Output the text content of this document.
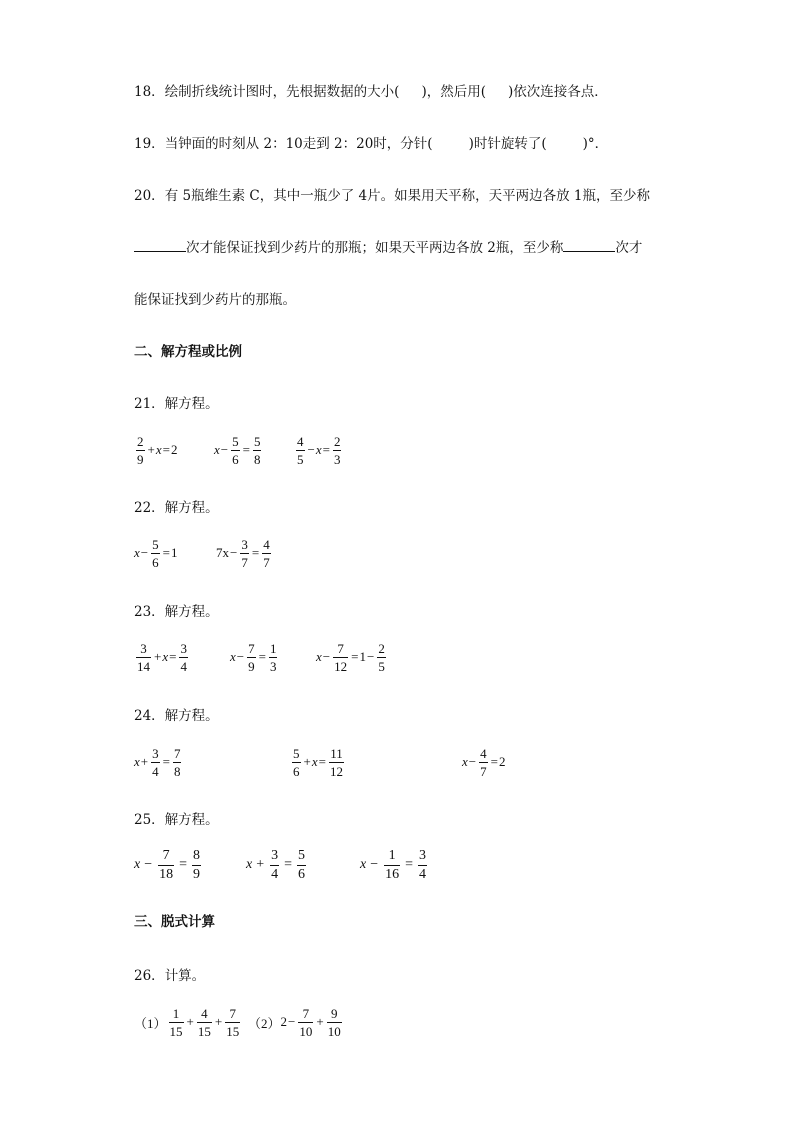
18．绘制折线统计图时，先根据数据的大小( )，然后用( )依次连接各点．
19．当钟面的时刻从 2：10走到 2：20时，分针(	)时针旋转了(	)°．
20．有 5瓶维生素 C，其中一瓶少了 4片。如果用天平称，天平两边各放 1瓶，至少称
次才能保证找到少药片的那瓶；如果天平两边各放 2瓶，至少称	次才
能保证找到少药片的那瓶。
二、解方程或比例
21．解方程。
$\frac{2}{9} + x = 2$	$x - \frac{5}{6} = \frac{5}{8}$	$\frac{4}{5} - x = \frac{2}{3}$
22．解方程。
$x - \frac{5}{6} = 1$	$7x - \frac{3}{7} = \frac{4}{7}$
23．解方程。
$\frac{3}{14} + x = \frac{3}{4}$	$x - \frac{7}{9} = \frac{1}{3}$	$x - \frac{7}{12} = 1 - \frac{2}{5}$
24．解方程。
$x + \frac{3}{4} = \frac{7}{8}$	$\frac{5}{6} + x = \frac{11}{12}$	$x - \frac{4}{7} = 2$
25．解方程。
$x - \frac{7}{18} = \frac{8}{9}$	$x + \frac{3}{4} = \frac{5}{6}$	$x - \frac{1}{16} = \frac{3}{4}$
三、脱式计算
26．计算。
$(1) \frac{1}{15} + \frac{4}{15} + \frac{7}{15} (2) 2 - \frac{7}{10} + \frac{9}{10}$
